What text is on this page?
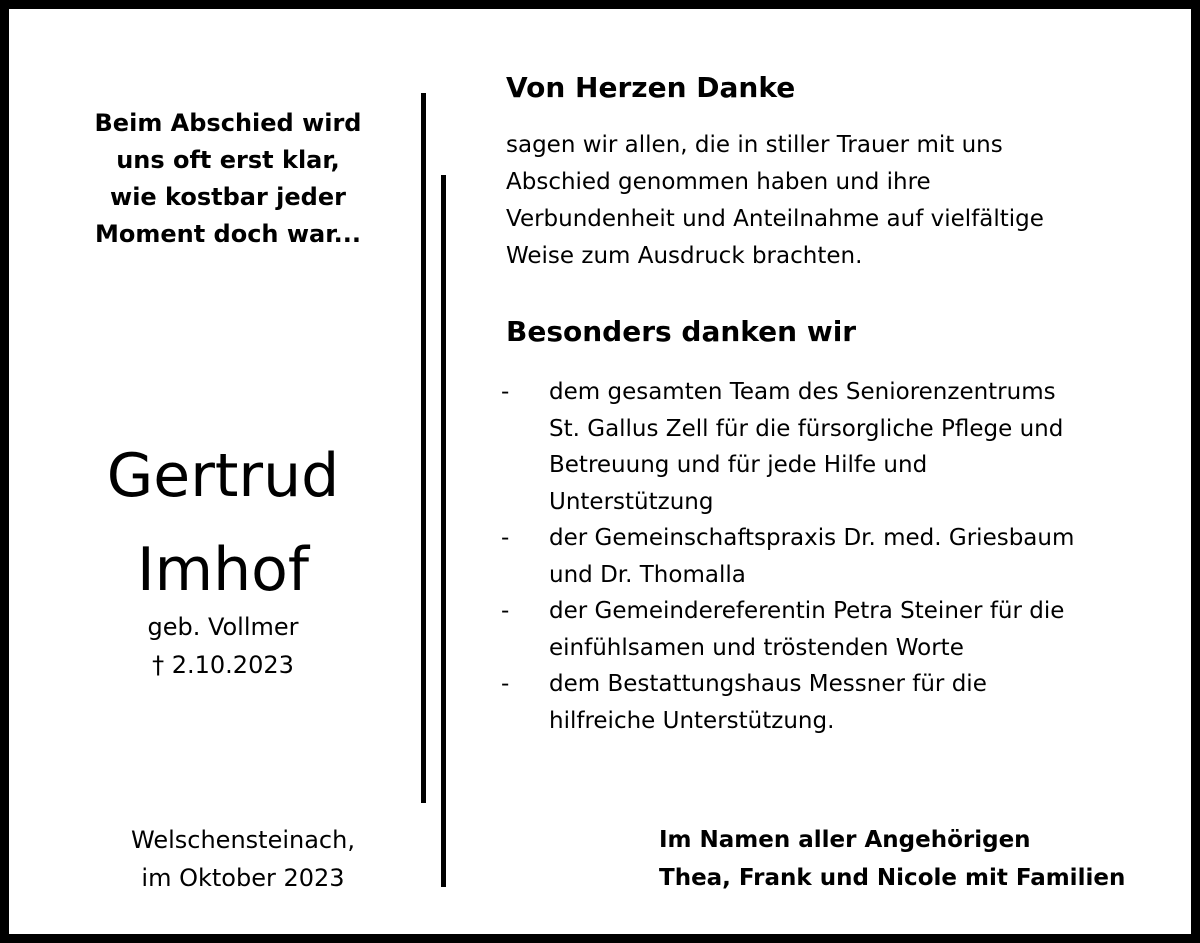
Beim Abschied wird
uns oft erst klar,
wie kostbar jeder
Moment doch war...
Gertrud
Imhof
geb. Vollmer
† 2.10.2023
Welschensteinach,
im Oktober 2023
Von Herzen Danke
sagen wir allen, die in stiller Trauer mit uns
Abschied genommen haben und ihre
Verbundenheit und Anteilnahme auf vielfältige
Weise zum Ausdruck brachten.
Besonders danken wir
- dem gesamten Team des Seniorenzentrums
St. Gallus Zell für die fürsorgliche Pflege und
Betreuung und für jede Hilfe und
Unterstützung
- der Gemeinschaftspraxis Dr. med. Griesbaum
und Dr. Thomalla
- der Gemeindereferentin Petra Steiner für die
einfühlsamen und tröstenden Worte
- dem Bestattungshaus Messner für die
hilfreiche Unterstützung.
Im Namen aller Angehörigen
Thea, Frank und Nicole mit Familien
